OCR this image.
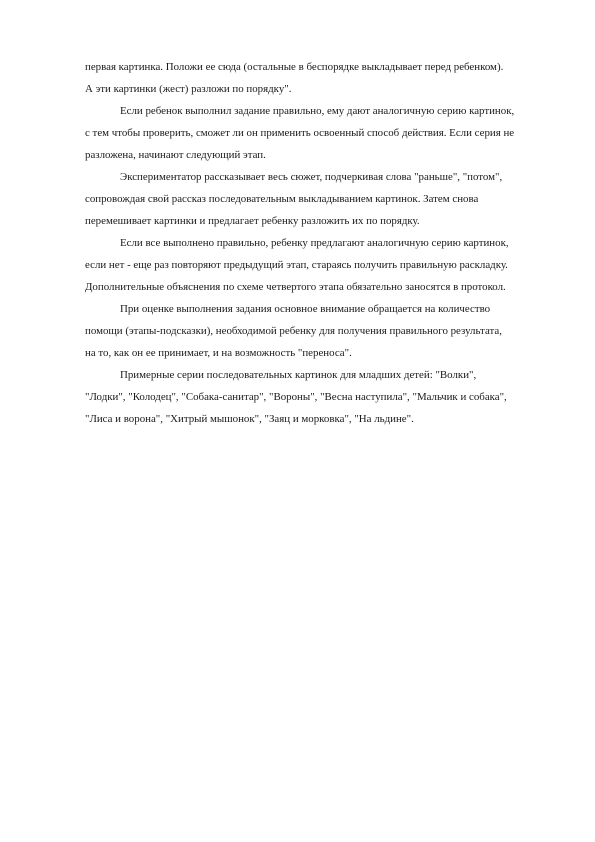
первая картинка. Положи ее сюда (остальные в беспорядке выкладывает перед ребенком).
А эти картинки (жест) разложи по порядку".
Если ребенок выполнил задание правильно, ему дают аналогичную серию картинок,
с тем чтобы проверить, сможет ли он применить освоенный способ действия. Если серия не
разложена, начинают следующий этап.
Экспериментатор рассказывает весь сюжет, подчеркивая слова "раньше", "потом",
сопровождая свой рассказ последовательным выкладыванием картинок. Затем снова
перемешивает картинки и предлагает ребенку разложить их по порядку.
Если все выполнено правильно, ребенку предлагают аналогичную серию картинок,
если нет - еще раз повторяют предыдущий этап, стараясь получить правильную раскладку.
Дополнительные объяснения по схеме четвертого этапа обязательно заносятся в протокол.
При оценке выполнения задания основное внимание обращается на количество
помощи (этапы-подсказки), необходимой ребенку для получения правильного результата,
на то, как он ее принимает, и на возможность "переноса".
Примерные серии последовательных картинок для младших детей: "Волки",
"Лодки", "Колодец", "Собака-санитар", "Вороны", "Весна наступила", "Мальчик и собака",
"Лиса и ворона", "Хитрый мышонок", "Заяц и морковка", "На льдине".
